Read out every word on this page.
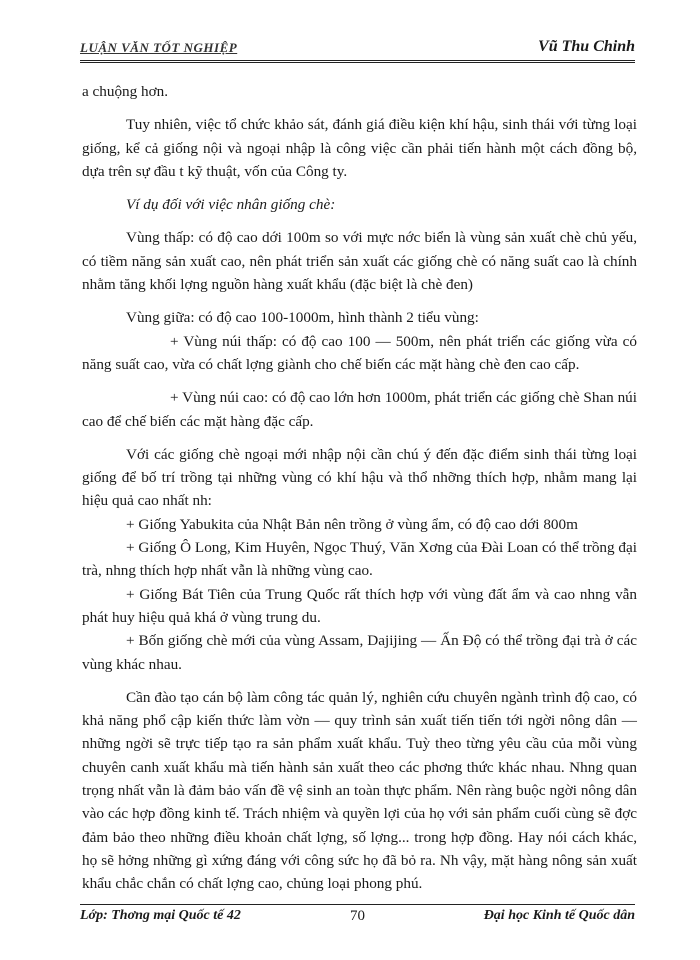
LUẬN VĂN TỐT NGHIỆP	Vũ Thu Chinh

a chuộng hơn.

Tuy nhiên, việc tổ chức khảo sát, đánh giá điều kiện khí hậu, sinh thái với từng loại giống, kể cả giống nội và ngoại nhập là công việc cần phải tiến hành một cách đồng bộ, dựa trên sự đầu t kỹ thuật, vốn của Công ty.

Ví dụ đối với việc nhân giống chè:

Vùng thấp: có độ cao dới 100m so với mực nớc biển là vùng sản xuất chè chủ yếu, có tiềm năng sản xuất cao, nên phát triển sản xuất các giống chè có năng suất cao là chính nhằm tăng khối lợng nguồn hàng xuất khẩu (đặc biệt là chè đen)

Vùng giữa: có độ cao 100-1000m, hình thành 2 tiểu vùng:

+ Vùng núi thấp: có độ cao 100 — 500m, nên phát triển các giống vừa có năng suất cao, vừa có chất lợng giành cho chế biến các mặt hàng chè đen cao cấp.

+ Vùng núi cao: có độ cao lớn hơn 1000m, phát triển các giống chè Shan núi cao để chế biến các mặt hàng đặc cấp.

Với các giống chè ngoại mới nhập nội cần chú ý đến đặc điểm sinh thái từng loại giống để bố trí trồng tại những vùng có khí hậu và thổ nhỡng thích hợp, nhằm mang lại hiệu quả cao nhất nh:

+ Giống Yabukita của Nhật Bản nên trồng ở vùng ẩm, có độ cao dới 800m

+ Giống Ô Long, Kim Huyên, Ngọc Thuý, Văn Xơng của Đài Loan có thể trồng đại trà, nhng thích hợp nhất vẫn là những vùng cao.

+ Giống Bát Tiên của Trung Quốc rất thích hợp với vùng đất ẩm và cao nhng vẫn phát huy hiệu quả khá ở vùng trung du.

+ Bốn giống chè mới của vùng Assam, Dajijing — Ấn Độ có thể trồng đại trà ở các vùng khác nhau.

Cần đào tạo cán bộ làm công tác quản lý, nghiên cứu chuyên ngành trình độ cao, có khả năng phổ cập kiến thức làm vờn — quy trình sản xuất tiến tiến tới ngời nông dân — những ngời sẽ trực tiếp tạo ra sản phẩm xuất khẩu. Tuỳ theo từng yêu cầu của mỗi vùng chuyên canh xuất khẩu mà tiến hành sản xuất theo các phơng thức khác nhau. Nhng quan trọng nhất vẫn là đảm bảo vấn đề vệ sinh an toàn thực phẩm. Nên ràng buộc ngời nông dân vào các hợp đồng kinh tế. Trách nhiệm và quyền lợi của họ với sản phẩm cuối cùng sẽ đợc đảm bảo theo những điều khoản chất lợng, số lợng... trong hợp đồng. Hay nói cách khác, họ sẽ hởng những gì xứng đáng với công sức họ đã bỏ ra. Nh vậy, mặt hàng nông sản xuất khẩu chắc chắn có chất lợng cao, chủng loại phong phú.

Lớp: Thơng mại Quốc tế 42	70	Đại học Kinh tế Quốc dân
